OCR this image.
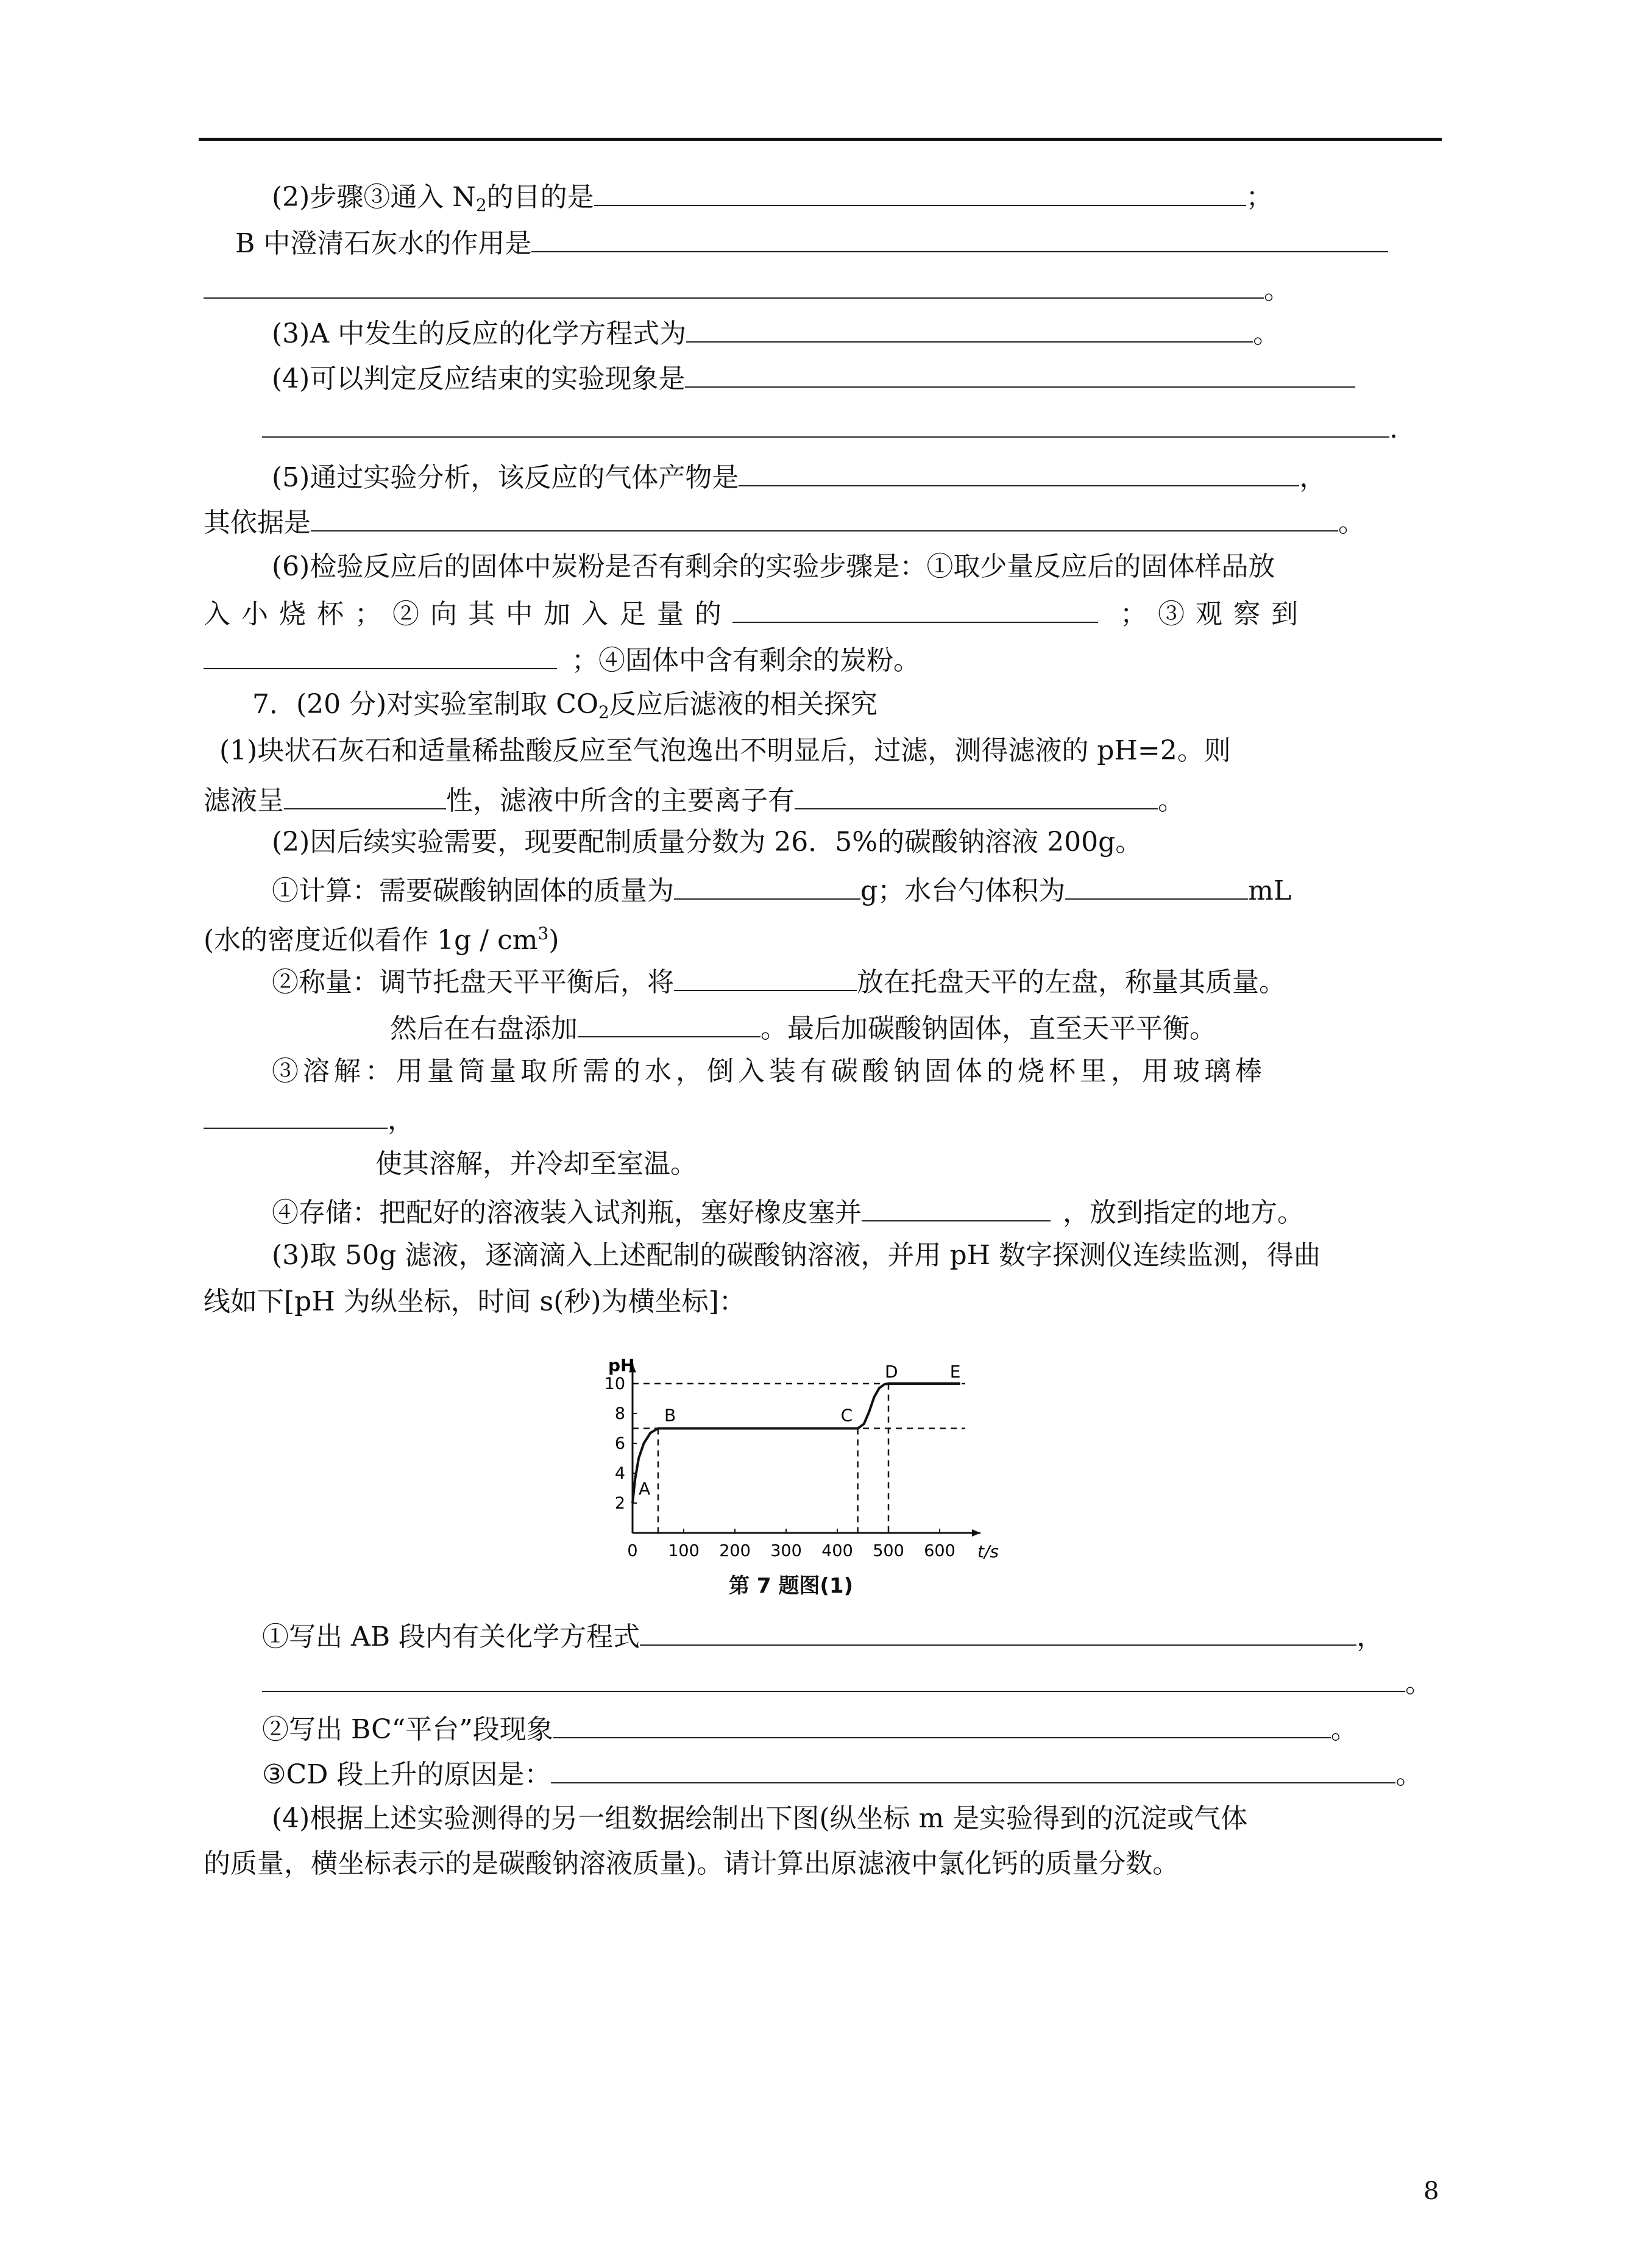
(2)步骤③通入 $N_2$的目的是	；
B 中澄清石灰水的作用是
。
(3)A 中发生的反应的化学方程式为	。
(4)可以判定反应结束的实验现象是
.
(5)通过实验分析，该反应的气体产物是	，
其依据是	。
(6)检验反应后的固体中炭粉是否有剩余的实验步骤是：①取少量反应后的固体样品放
入小烧杯；②向其中加入足量的	；③观察到
；④固体中含有剩余的炭粉。
7．(20 分)对实验室制取 $CO_2$反应后滤液的相关探究
(1)块状石灰石和适量稀盐酸反应至气泡逸出不明显后，过滤，测得滤液的 pH=2。则
滤液呈	性，滤液中所含的主要离子有	。
(2)因后续实验需要，现要配制质量分数为 26．5%的碳酸钠溶液 200g。
①计算：需要碳酸钠固体的质量为	g；水台勺体积为	mL
(水的密度近似看作 $1g / cm^3$)
②称量：调节托盘天平平衡后，将	放在托盘天平的左盘，称量其质量。
然后在右盘添加	。最后加碳酸钠固体，直至天平平衡。
③溶解：用量筒量取所需的水，倒入装有碳酸钠固体的烧杯里，用玻璃棒
，
使其溶解，并冷却至室温。
④存储：把配好的溶液装入试剂瓶，塞好橡皮塞并	，放到指定的地方。
(3)取 50g 滤液，逐滴滴入上述配制的碳酸钠溶液，并用 pH 数字探测仪连续监测，得曲
线如下[pH 为纵坐标，时间 s(秒)为横坐标]：
pH
t/s
0 100 200 300 400 500 600
2
4
6
8
10
A
B	C
D	E
第 7 题图(1)
①写出 AB 段内有关化学方程式	，
。
②写出 BC“平台”段现象	。
③CD 段上升的原因是：	。
(4)根据上述实验测得的另一组数据绘制出下图(纵坐标 m 是实验得到的沉淀或气体
的质量，横坐标表示的是碳酸钠溶液质量)。请计算出原滤液中氯化钙的质量分数。
8
